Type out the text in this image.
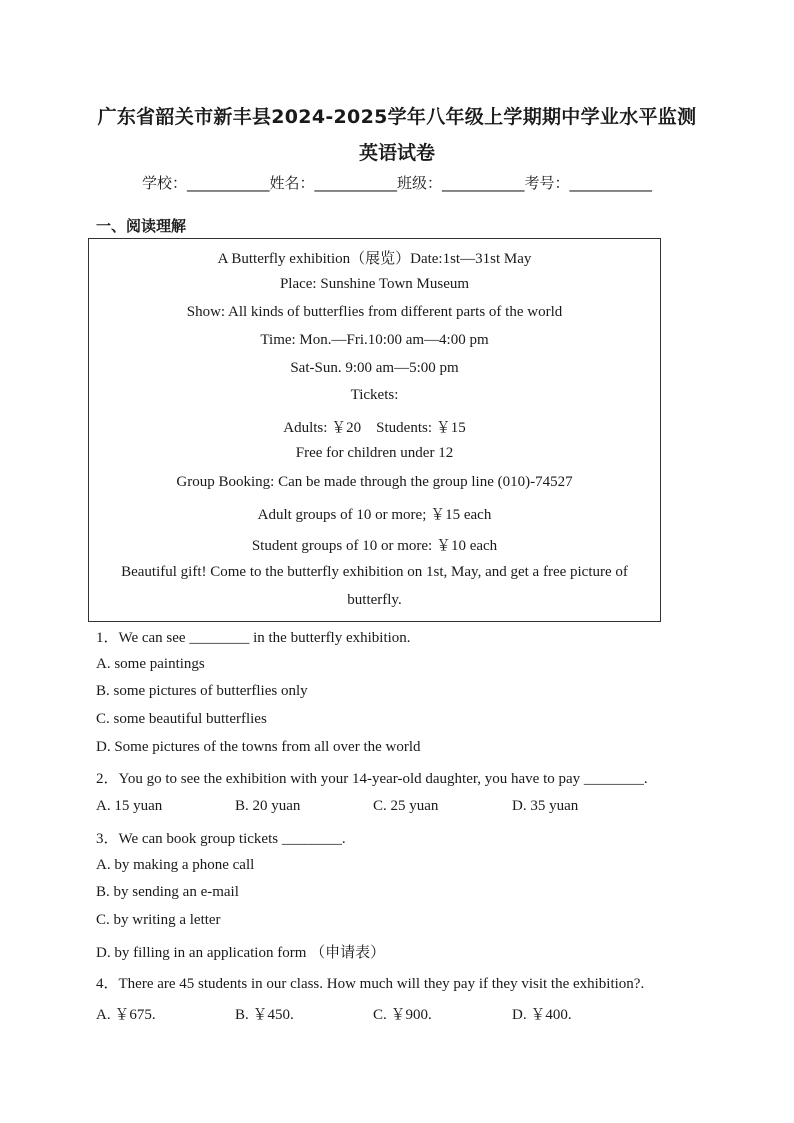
广东省韶关市新丰县2024-2025学年八年级上学期期中学业水平监测
英语试卷
学校：___________姓名：___________班级：___________考号：___________
一、阅读理解
A Butterfly exhibition（展览）Date:1st—31st May
Place: Sunshine Town Museum
Show: All kinds of butterflies from different parts of the world
Time: Mon.—Fri.10:00 am—4:00 pm
Sat-Sun. 9:00 am—5:00 pm
Tickets:
Adults: ￥20    Students: ￥15
Free for children under 12
Group Booking: Can be made through the group line (010)-74527
Adult groups of 10 or more; ￥15 each
Student groups of 10 or more: ￥10 each
Beautiful gift! Come to the butterfly exhibition on 1st, May, and get a free picture of
butterfly.
1．We can see ________ in the butterfly exhibition.
A. some paintings
B. some pictures of butterflies only
C. some beautiful butterflies
D. Some pictures of the towns from all over the world
2．You go to see the exhibition with your 14-year-old daughter, you have to pay ________.
A. 15 yuan	B. 20 yuan	C. 25 yuan	D. 35 yuan
3．We can book group tickets ________.
A. by making a phone call
B. by sending an e-mail
C. by writing a letter
D. by filling in an application form （申请表）
4．There are 45 students in our class. How much will they pay if they visit the exhibition?.
A. ￥675.	B. ￥450.	C. ￥900.	D. ￥400.
